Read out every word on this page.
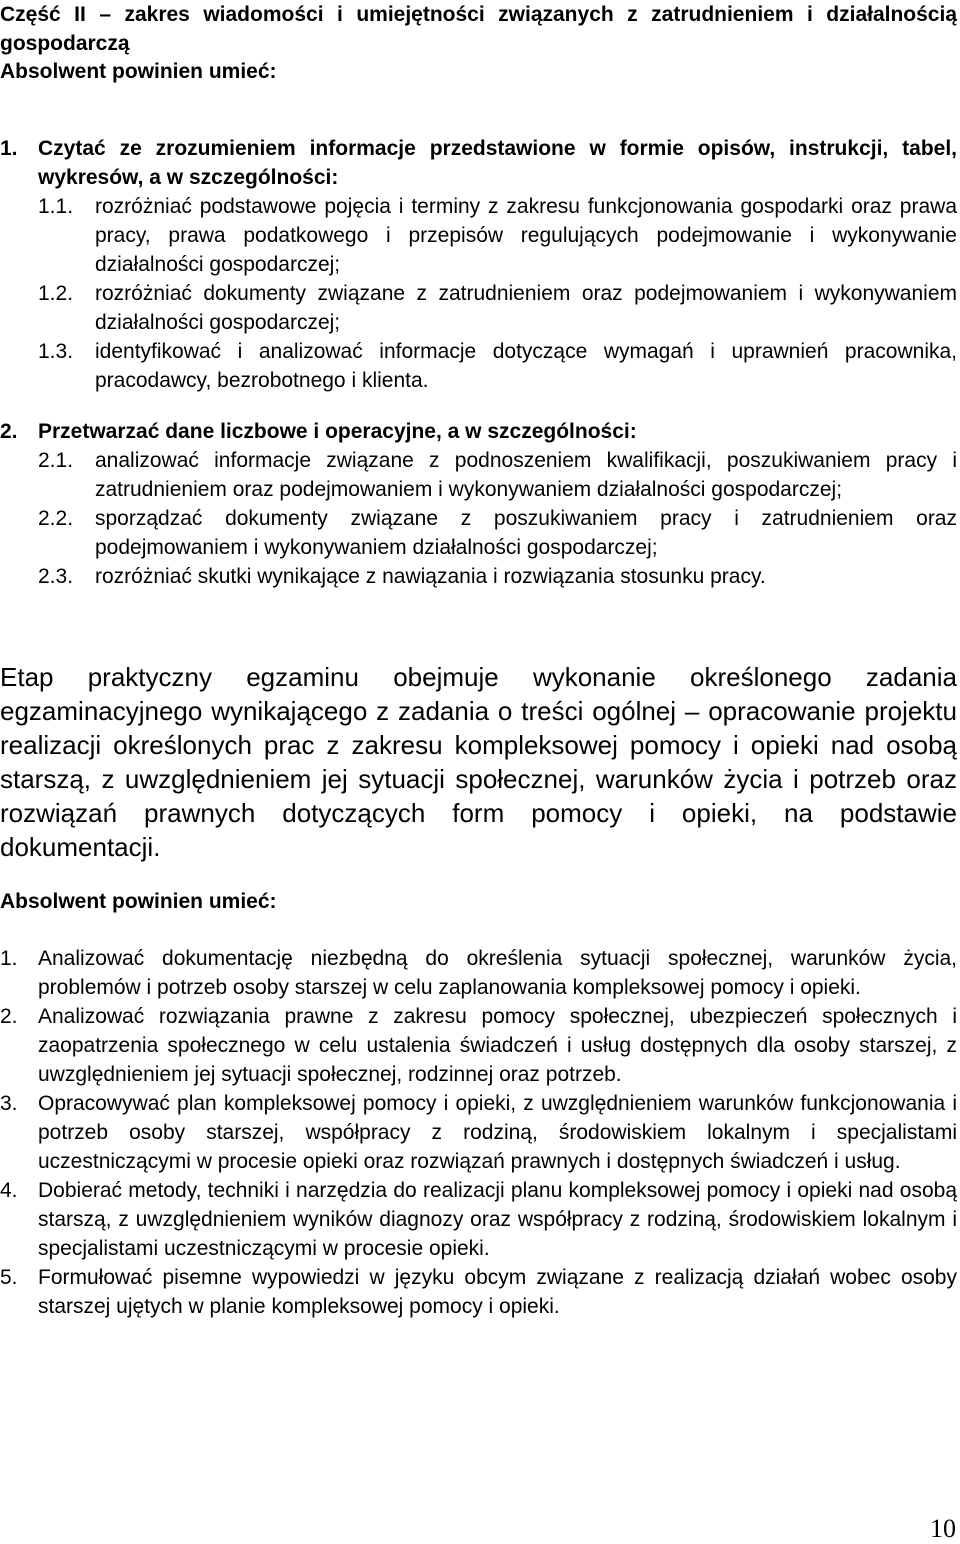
Część II – zakres wiadomości i umiejętności związanych z zatrudnieniem i działalnością gospodarczą

Absolwent powinien umieć:

1. Czytać ze zrozumieniem informacje przedstawione w formie opisów, instrukcji, tabel, wykresów, a w szczególności:
1.1. rozróżniać podstawowe pojęcia i terminy z zakresu funkcjonowania gospodarki oraz prawa pracy, prawa podatkowego i przepisów regulujących podejmowanie i wykonywanie działalności gospodarczej;
1.2. rozróżniać dokumenty związane z zatrudnieniem oraz podejmowaniem i wykonywaniem działalności gospodarczej;
1.3. identyfikować i analizować informacje dotyczące wymagań i uprawnień pracownika, pracodawcy, bezrobotnego i klienta.
2. Przetwarzać dane liczbowe i operacyjne, a w szczególności:
2.1. analizować informacje związane z podnoszeniem kwalifikacji, poszukiwaniem pracy i zatrudnieniem oraz podejmowaniem i wykonywaniem działalności gospodarczej;
2.2. sporządzać dokumenty związane z poszukiwaniem pracy i zatrudnieniem oraz podejmowaniem i wykonywaniem działalności gospodarczej;
2.3. rozróżniać skutki wynikające z nawiązania i rozwiązania stosunku pracy.

Etap praktyczny egzaminu obejmuje wykonanie określonego zadania egzaminacyjnego wynikającego z zadania o treści ogólnej – opracowanie projektu realizacji określonych prac z zakresu kompleksowej pomocy i opieki nad osobą starszą, z uwzględnieniem jej sytuacji społecznej, warunków życia i potrzeb oraz rozwiązań prawnych dotyczących form pomocy i opieki, na podstawie dokumentacji.

Absolwent powinien umieć:

1. Analizować dokumentację niezbędną do określenia sytuacji społecznej, warunków życia, problemów i potrzeb osoby starszej w celu zaplanowania kompleksowej pomocy i opieki.
2. Analizować rozwiązania prawne z zakresu pomocy społecznej, ubezpieczeń społecznych i zaopatrzenia społecznego w celu ustalenia świadczeń i usług dostępnych dla osoby starszej, z uwzględnieniem jej sytuacji społecznej, rodzinnej oraz potrzeb.
3. Opracowywać plan kompleksowej pomocy i opieki, z uwzględnieniem warunków funkcjonowania i potrzeb osoby starszej, współpracy z rodziną, środowiskiem lokalnym i specjalistami uczestniczącymi w procesie opieki oraz rozwiązań prawnych i dostępnych świadczeń i usług.
4. Dobierać metody, techniki i narzędzia do realizacji planu kompleksowej pomocy i opieki nad osobą starszą, z uwzględnieniem wyników diagnozy oraz współpracy z rodziną, środowiskiem lokalnym i specjalistami uczestniczącymi w procesie opieki.
5. Formułować pisemne wypowiedzi w języku obcym związane z realizacją działań wobec osoby starszej ujętych w planie kompleksowej pomocy i opieki.
10
